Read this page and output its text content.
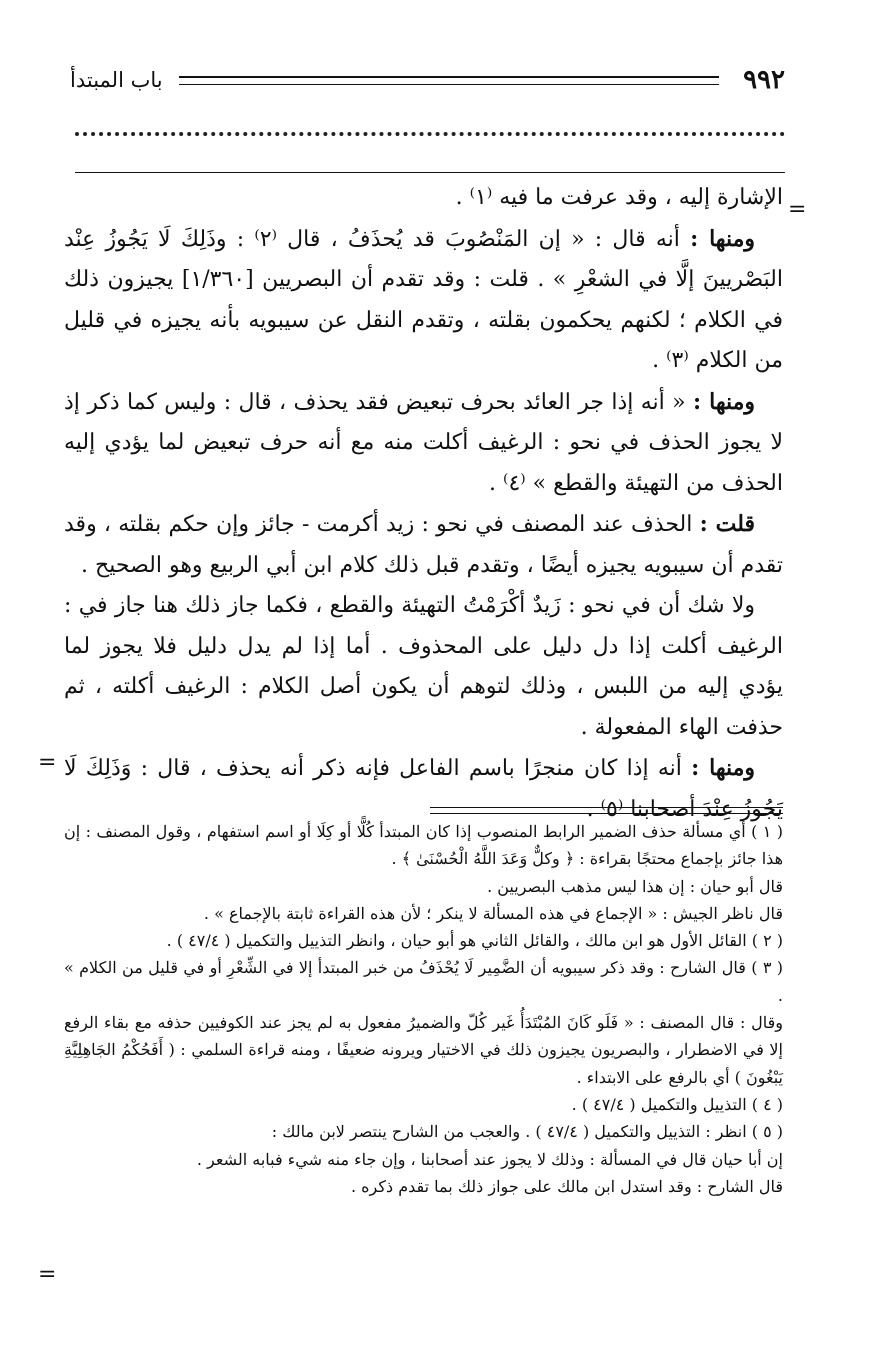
٩٩٢
باب المبتدأ
=
=
=

الإشارة إليه ، وقد عرفت ما فيه ⁽١⁾ .

ومنها : أنه قال : « إن المَنْصُوبَ قد يُحذَفُ ، قال ⁽٢⁾ : وذَلِكَ لَا يَجُوزُ عِنْد البَصْريينَ إلَّا في الشعْرِ » . قلت : وقد تقدم أن البصريين [١/٣٦٠] يجيزون ذلك في الكلام ؛ لكنهم يحكمون بقلته ، وتقدم النقل عن سيبويه بأنه يجيزه في قليل من الكلام ⁽٣⁾ .

ومنها : « أنه إذا جر العائد بحرف تبعيض فقد يحذف ، قال : وليس كما ذكر إذ لا يجوز الحذف في نحو : الرغيف أكلت منه مع أنه حرف تبعيض لما يؤدي إليه الحذف من التهيئة والقطع » ⁽٤⁾ .

قلت : الحذف عند المصنف في نحو : زيد أكرمت - جائز وإن حكم بقلته ، وقد تقدم أن سيبويه يجيزه أيضًا ، وتقدم قبل ذلك كلام ابن أبي الربيع وهو الصحيح .

ولا شك أن في نحو : زَيدٌ أكْرَمْتُ التهيئة والقطع ، فكما جاز ذلك هنا جاز في : الرغيف أكلت إذا دل دليل على المحذوف . أما إذا لم يدل دليل فلا يجوز لما يؤدي إليه من اللبس ، وذلك لتوهم أن يكون أصل الكلام : الرغيف أكلته ، ثم حذفت الهاء المفعولة .

ومنها : أنه إذا كان منجرًا باسم الفاعل فإنه ذكر أنه يحذف ، قال : وَذَلِكَ لَا يَجُوزُ عِنْدَ أصحابنا ⁽٥⁾ .

( ١ ) أي مسألة حذف الضمير الرابط المنصوب إذا كان المبتدأ كُلًّا أو كِلَا أو اسم استفهام ، وقول المصنف : إن هذا جائز بإجماع محتجًا بقراءة : ﴿ وكلٌّ وَعَدَ اللَّهُ الْحُسْنَىٰ ﴾ .

قال أبو حيان : إن هذا ليس مذهب البصريين .

قال ناظر الجيش : « الإجماع في هذه المسألة لا ينكر ؛ لأن هذه القراءة ثابتة بالإجماع » .

( ٢ ) القائل الأول هو ابن مالك ، والقائل الثاني هو أبو حيان ، وانظر التذييل والتكميل ( ٤٧/٤ ) .

( ٣ ) قال الشارح : وقد ذكر سيبويه أن الضَّمِير لَا يُحْذَفُ من خبر المبتدأ إلا في الشِّعْرِ أو في قليل من الكلام » .

وقال : قال المصنف : « فَلَو كَانَ المُبْتَدَأُ غَير كُلّ والضميرُ مفعول به لم يجز عند الكوفيين حذفه مع بقاء الرفع إلا في الاضطرار ، والبصريون يجيزون ذلك في الاختيار ويرونه ضعيفًا ، ومنه قراءة السلمي : ( أَفَحُكْمُ الجَاهِلِيَّةِ يَبْغُونَ ) أي بالرفع على الابتداء .

( ٤ ) التذييل والتكميل ( ٤٧/٤ ) .

( ٥ ) انظر : التذييل والتكميل ( ٤٧/٤ ) . والعجب من الشارح ينتصر لابن مالك :

إن أبا حيان قال في المسألة : وذلك لا يجوز عند أصحابنا ، وإن جاء منه شيء فبابه الشعر .

قال الشارح : وقد استدل ابن مالك على جواز ذلك بما تقدم ذكره .
